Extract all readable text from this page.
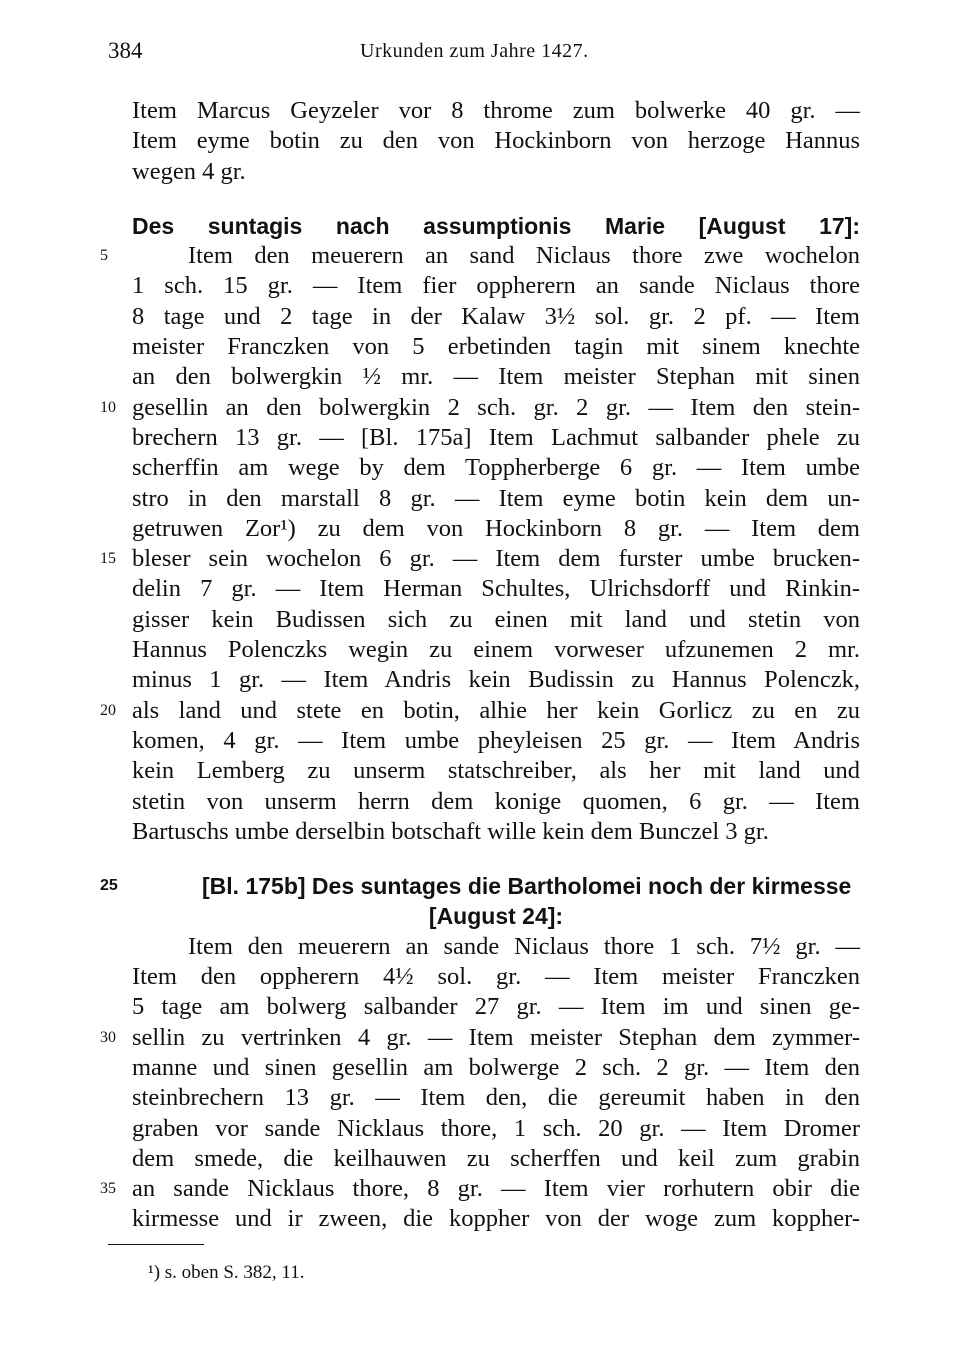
384	Urkunden zum Jahre 1427.
Item Marcus Geyzeler vor 8 throme zum bolwerke 40 gr. —
Item eyme botin zu den von Hockinborn von herzoge Hannus
wegen 4 gr.
Des suntagis nach assumptionis Marie [August 17]:
Item den meuerern an sand Niclaus thore zwe wochelon
5
1 sch. 15 gr. — Item fier oppherern an sande Niclaus thore
8 tage und 2 tage in der Kalaw 3½ sol. gr. 2 pf. — Item
meister Franczken von 5 erbetinden tagin mit sinem knechte
an den bolwergkin ½ mr. — Item meister Stephan mit sinen
gesellin an den bolwergkin 2 sch. gr. 2 gr. — Item den stein-
10
brechern 13 gr. — [Bl. 175a] Item Lachmut salbander phele zu
scherffin am wege by dem Toppherberge 6 gr. — Item umbe
stro in den marstall 8 gr. — Item eyme botin kein dem un-
getruwen Zor¹) zu dem von Hockinborn 8 gr. — Item dem
bleser sein wochelon 6 gr. — Item dem furster umbe brucken-
15
delin 7 gr. — Item Herman Schultes, Ulrichsdorff und Rinkin-
gisser kein Budissen sich zu einen mit land und stetin von
Hannus Polenczks wegin zu einem vorweser ufzunemen 2 mr.
minus 1 gr. — Item Andris kein Budissin zu Hannus Polenczk,
als land und stete en botin, alhie her kein Gorlicz zu en zu
20
komen, 4 gr. — Item umbe pheyleisen 25 gr. — Item Andris
kein Lemberg zu unserm statschreiber, als her mit land und
stetin von unserm herrn dem konige quomen, 6 gr. — Item
Bartuschs umbe derselbin botschaft wille kein dem Bunczel 3 gr.
[Bl. 175b] Des suntages die Bartholomei noch der kirmesse
25
[August 24]:
Item den meuerern an sande Niclaus thore 1 sch. 7½ gr. —
Item den oppherern 4½ sol. gr. — Item meister Franczken
5 tage am bolwerg salbander 27 gr. — Item im und sinen ge-
sellin zu vertrinken 4 gr. — Item meister Stephan dem zymmer-
30
manne und sinen gesellin am bolwerge 2 sch. 2 gr. — Item den
steinbrechern 13 gr. — Item den, die gereumit haben in den
graben vor sande Nicklaus thore, 1 sch. 20 gr. — Item Dromer
dem smede, die keilhauwen zu scherffen und keil zum grabin
an sande Nicklaus thore, 8 gr. — Item vier rorhutern obir die
35
kirmesse und ir zween, die koppher von der woge zum koppher-
¹) s. oben S. 382, 11.
